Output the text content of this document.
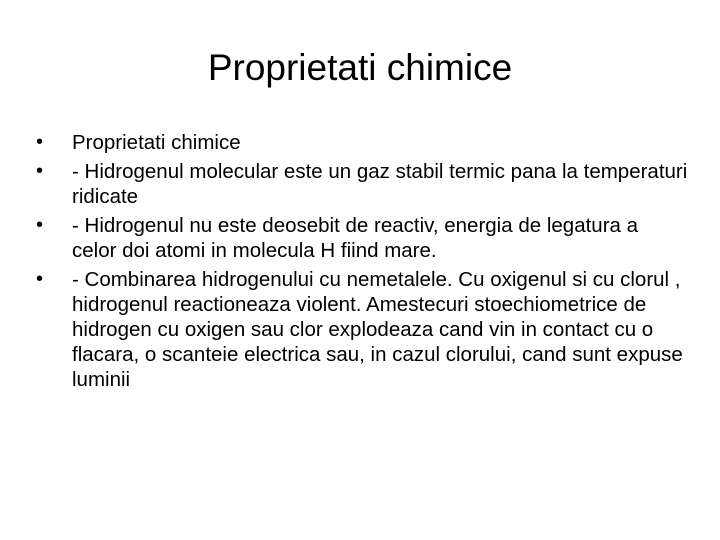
Proprietati chimice
•	Proprietati chimice
•	- Hidrogenul molecular este un gaz stabil termic pana la temperaturi ridicate
•	- Hidrogenul nu este deosebit de reactiv, energia de legatura a celor doi atomi in molecula H fiind mare.
•	- Combinarea hidrogenului cu nemetalele. Cu oxigenul si cu clorul , hidrogenul reactioneaza violent. Amestecuri stoechiometrice de hidrogen cu oxigen sau clor explodeaza cand vin in contact cu o flacara, o scanteie electrica sau, in cazul clorului, cand sunt expuse luminii
